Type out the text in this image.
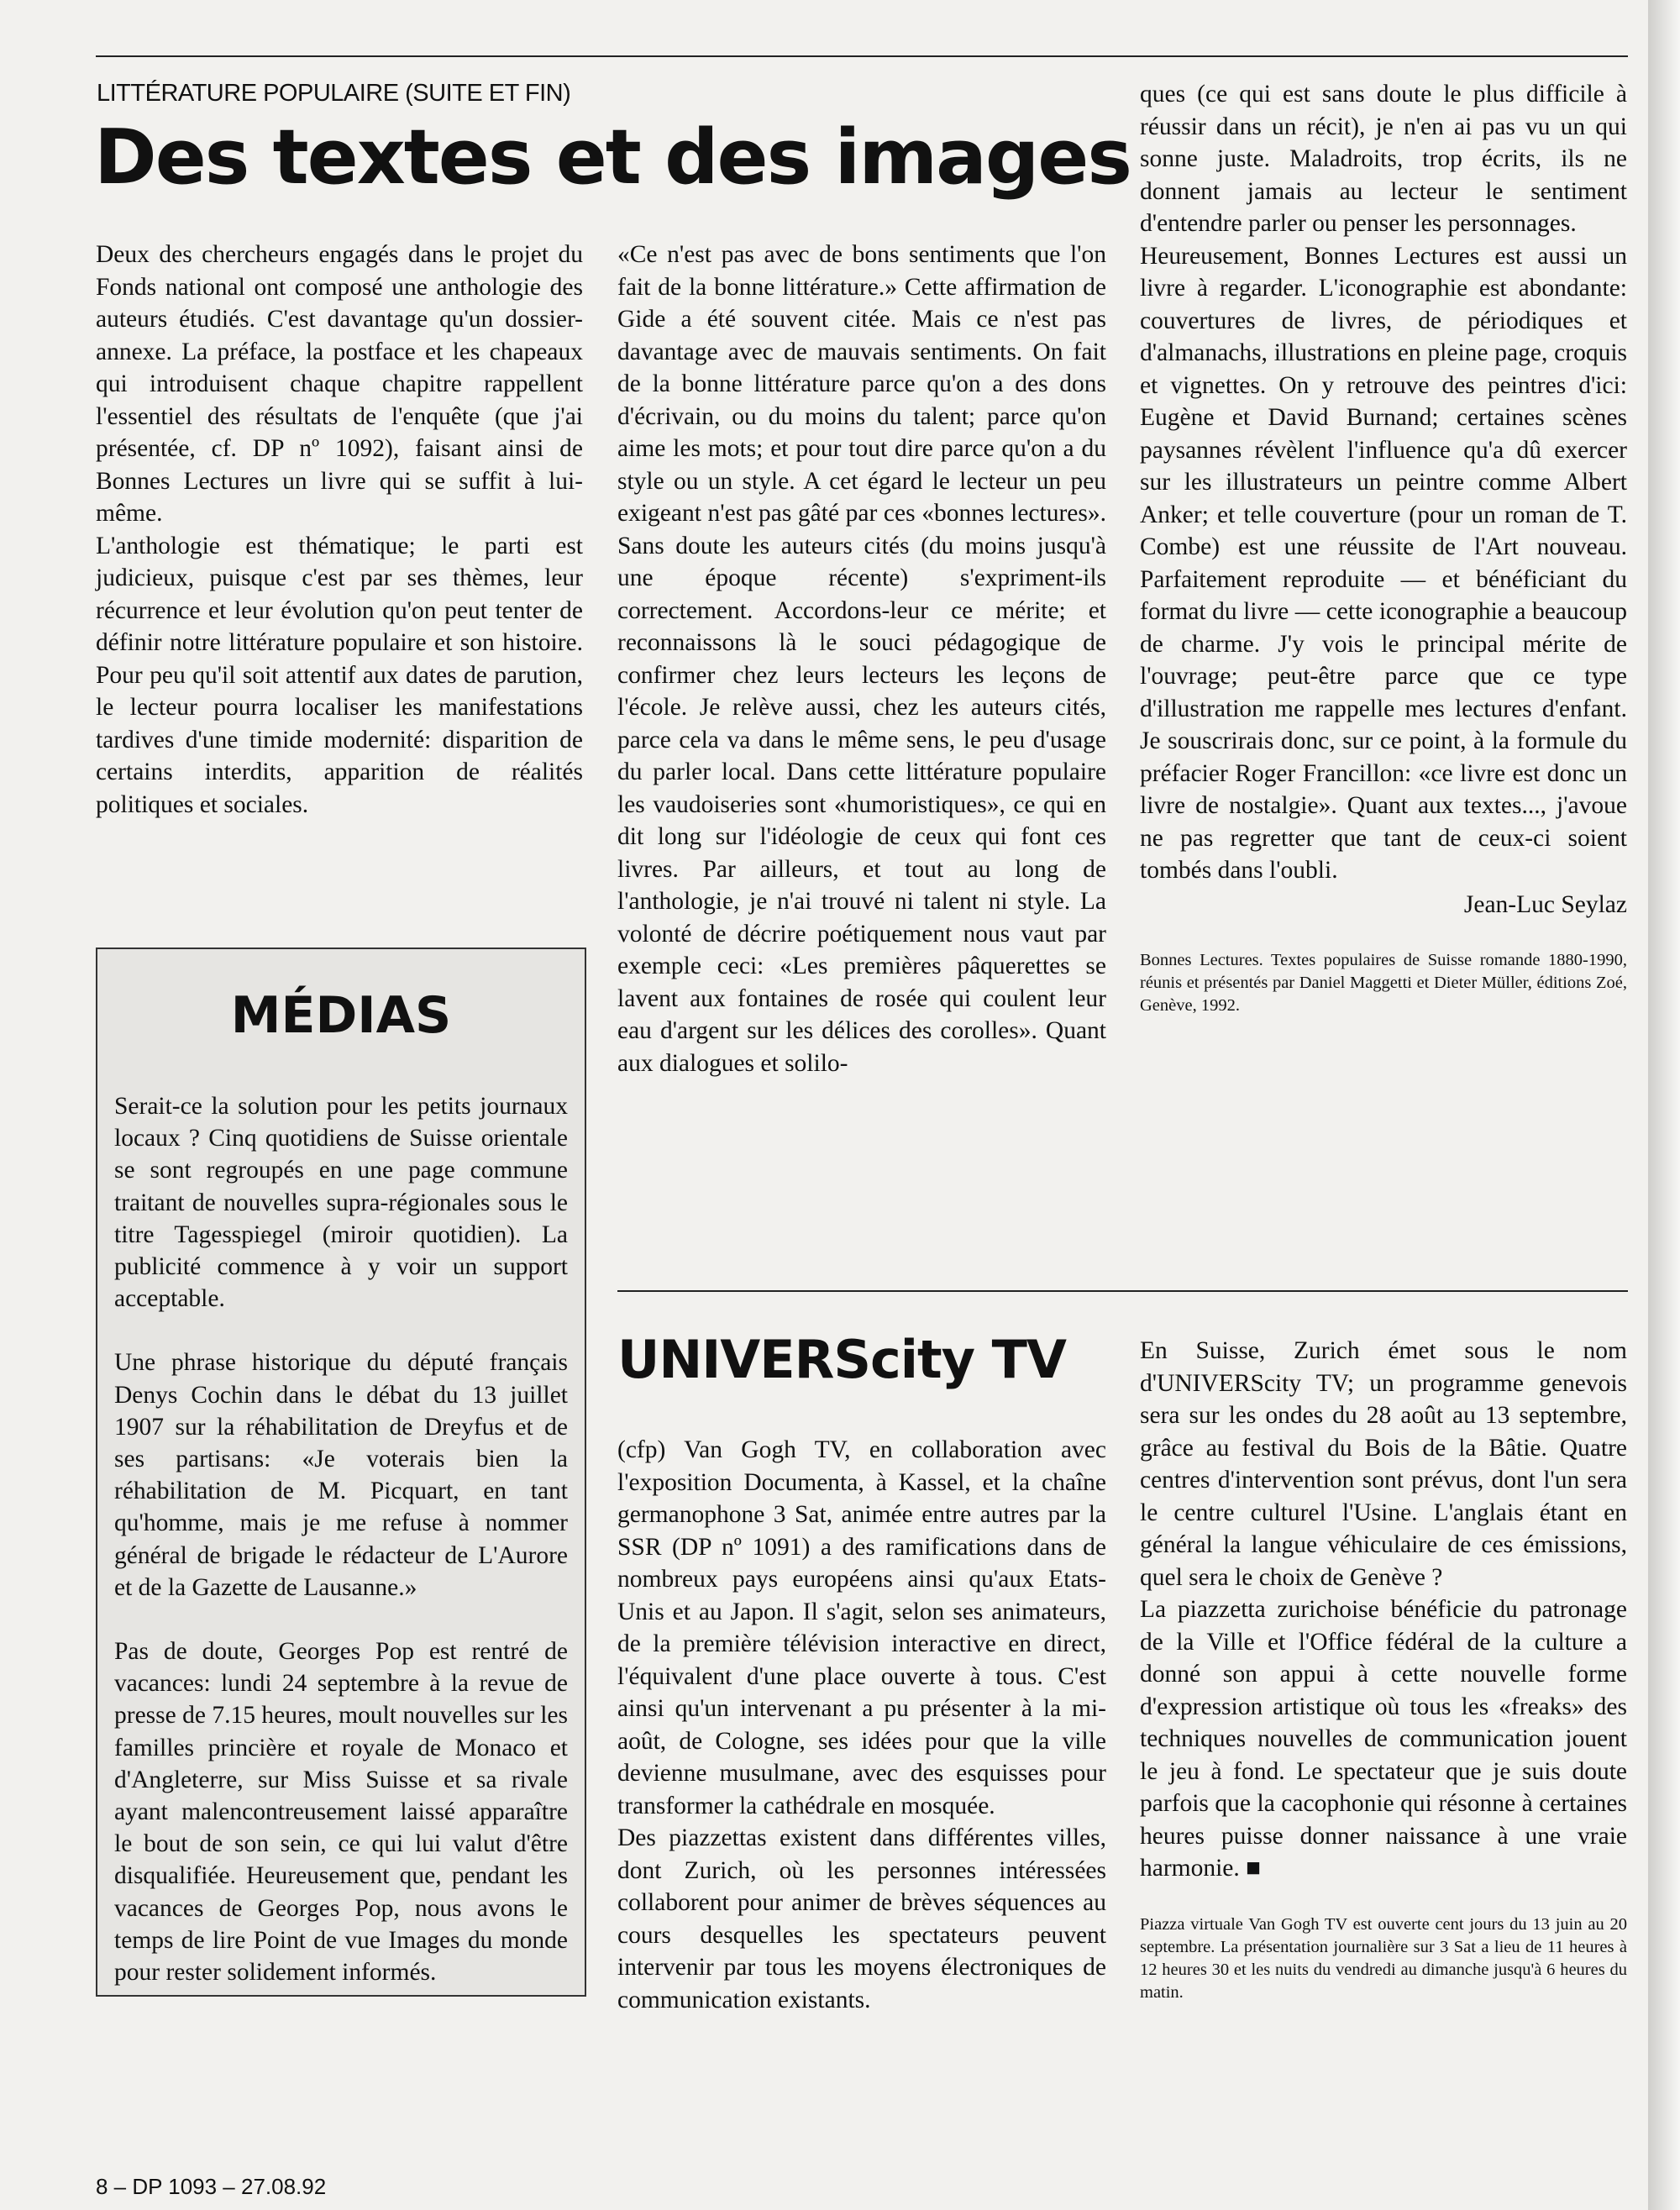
LITTÉRATURE POPULAIRE (SUITE ET FIN)
Des textes et des images

Deux des chercheurs engagés dans le projet du Fonds national ont composé une anthologie des auteurs étudiés. C'est davantage qu'un dossier-annexe. La préface, la postface et les chapeaux qui introduisent chaque chapitre rappellent l'essentiel des résultats de l'enquête (que j'ai présentée, cf. DP nº 1092), faisant ainsi de Bonnes Lectures un livre qui se suffit à lui-même.

L'anthologie est thématique; le parti est judicieux, puisque c'est par ses thèmes, leur récurrence et leur évolution qu'on peut tenter de définir notre littérature populaire et son histoire. Pour peu qu'il soit attentif aux dates de parution, le lecteur pourra localiser les manifestations tardives d'une timide modernité: disparition de certains interdits, apparition de réalités politiques et sociales.

«Ce n'est pas avec de bons sentiments que l'on fait de la bonne littérature.» Cette affirmation de Gide a été souvent citée. Mais ce n'est pas davantage avec de mauvais sentiments. On fait de la bonne littérature parce qu'on a des dons d'écrivain, ou du moins du talent; parce qu'on aime les mots; et pour tout dire parce qu'on a du style ou un style. A cet égard le lecteur un peu exigeant n'est pas gâté par ces «bonnes lectures». Sans doute les auteurs cités (du moins jusqu'à une époque récente) s'expriment-ils correctement. Accordons-leur ce mérite; et reconnaissons là le souci pédagogique de confirmer chez leurs lecteurs les leçons de l'école. Je relève aussi, chez les auteurs cités, parce cela va dans le même sens, le peu d'usage du parler local. Dans cette littérature populaire les vaudoiseries sont «humoristiques», ce qui en dit long sur l'idéologie de ceux qui font ces livres. Par ailleurs, et tout au long de l'anthologie, je n'ai trouvé ni talent ni style. La volonté de décrire poétiquement nous vaut par exemple ceci: «Les premières pâquerettes se lavent aux fontaines de rosée qui coulent leur eau d'argent sur les délices des corolles». Quant aux dialogues et solilo-

ques (ce qui est sans doute le plus difficile à réussir dans un récit), je n'en ai pas vu un qui sonne juste. Maladroits, trop écrits, ils ne donnent jamais au lecteur le sentiment d'entendre parler ou penser les personnages.

Heureusement, Bonnes Lectures est aussi un livre à regarder. L'iconographie est abondante: couvertures de livres, de périodiques et d'almanachs, illustrations en pleine page, croquis et vignettes. On y retrouve des peintres d'ici: Eugène et David Burnand; certaines scènes paysannes révèlent l'influence qu'a dû exercer sur les illustrateurs un peintre comme Albert Anker; et telle couverture (pour un roman de T. Combe) est une réussite de l'Art nouveau. Parfaitement reproduite — et bénéficiant du format du livre — cette iconographie a beaucoup de charme. J'y vois le principal mérite de l'ouvrage; peut-être parce que ce type d'illustration me rappelle mes lectures d'enfant. Je souscrirais donc, sur ce point, à la formule du préfacier Roger Francillon: «ce livre est donc un livre de nostalgie». Quant aux textes..., j'avoue ne pas regretter que tant de ceux-ci soient tombés dans l'oubli.

Jean-Luc Seylaz

Bonnes Lectures. Textes populaires de Suisse romande 1880-1990, réunis et présentés par Daniel Maggetti et Dieter Müller, éditions Zoé, Genève, 1992.

MÉDIAS

Serait-ce la solution pour les petits journaux locaux ? Cinq quotidiens de Suisse orientale se sont regroupés en une page commune traitant de nouvelles supra-régionales sous le titre Tagesspiegel (miroir quotidien). La publicité commence à y voir un support acceptable.

Une phrase historique du député français Denys Cochin dans le débat du 13 juillet 1907 sur la réhabilitation de Dreyfus et de ses partisans: «Je voterais bien la réhabilitation de M. Picquart, en tant qu'homme, mais je me refuse à nommer général de brigade le rédacteur de L'Aurore et de la Gazette de Lausanne.»

Pas de doute, Georges Pop est rentré de vacances: lundi 24 septembre à la revue de presse de 7.15 heures, moult nouvelles sur les familles princière et royale de Monaco et d'Angleterre, sur Miss Suisse et sa rivale ayant malencontreusement laissé apparaître le bout de son sein, ce qui lui valut d'être disqualifiée. Heureusement que, pendant les vacances de Georges Pop, nous avons le temps de lire Point de vue Images du monde pour rester solidement informés.

UNIVERScity TV

(cfp) Van Gogh TV, en collaboration avec l'exposition Documenta, à Kassel, et la chaîne germanophone 3 Sat, animée entre autres par la SSR (DP nº 1091) a des ramifications dans de nombreux pays européens ainsi qu'aux Etats-Unis et au Japon. Il s'agit, selon ses animateurs, de la première télévision interactive en direct, l'équivalent d'une place ouverte à tous. C'est ainsi qu'un intervenant a pu présenter à la mi-août, de Cologne, ses idées pour que la ville devienne musulmane, avec des esquisses pour transformer la cathédrale en mosquée.

Des piazzettas existent dans différentes villes, dont Zurich, où les personnes intéressées collaborent pour animer de brèves séquences au cours desquelles les spectateurs peuvent intervenir par tous les moyens électroniques de communication existants.

En Suisse, Zurich émet sous le nom d'UNIVERScity TV; un programme genevois sera sur les ondes du 28 août au 13 septembre, grâce au festival du Bois de la Bâtie. Quatre centres d'intervention sont prévus, dont l'un sera le centre culturel l'Usine. L'anglais étant en général la langue véhiculaire de ces émissions, quel sera le choix de Genève ?

La piazzetta zurichoise bénéficie du patronage de la Ville et l'Office fédéral de la culture a donné son appui à cette nouvelle forme d'expression artistique où tous les «freaks» des techniques nouvelles de communication jouent le jeu à fond. Le spectateur que je suis doute parfois que la cacophonie qui résonne à certaines heures puisse donner naissance à une vraie harmonie. ■

Piazza virtuale Van Gogh TV est ouverte cent jours du 13 juin au 20 septembre. La présentation journalière sur 3 Sat a lieu de 11 heures à 12 heures 30 et les nuits du vendredi au dimanche jusqu'à 6 heures du matin.

8 – DP 1093 – 27.08.92
